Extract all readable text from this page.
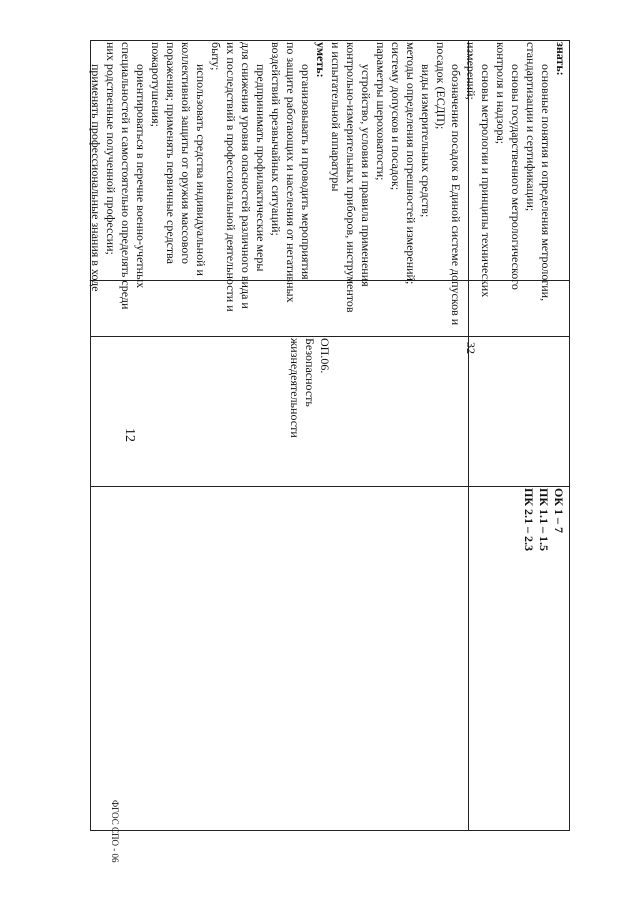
знать:
основные понятия и определения метрологии,
стандартизации и сертификации;
основы государственного метрологического
контроля и надзора;
основы метрологии и принципы технических
измерений;
обозначение посадок в Единой системе допусков и
посадок (ЕСДП);
виды измерительных средств;
методы определения погрешностей измерений;
систему допусков и посадок;
параметры шероховатости;
устройство, условия и правила применения
контрольно-измерительных приборов, инструментов
и испытательной аппаратуры
уметь:
организовывать и проводить мероприятия
по защите работающих и населения от негативных
воздействий чрезвычайных ситуаций;
предпринимать профилактические меры
для снижения уровня опасностей различного вида и
их последствий в профессиональной деятельности и
быту;
использовать средства индивидуальной и
коллективной защиты от оружия массового
поражения; применять первичные средства
пожаротушения;
ориентироваться в перечне военно-учетных
специальностей и самостоятельно определять среди
них родственные полученной профессии;
применять профессиональные знания в ходе
32
ОП.06.
Безопасность
жизнедеятельности
ОК 1 – 7
ПК 1.1 – 1.5
ПК 2.1 – 2.3
12
ФГОС СПО - 06
